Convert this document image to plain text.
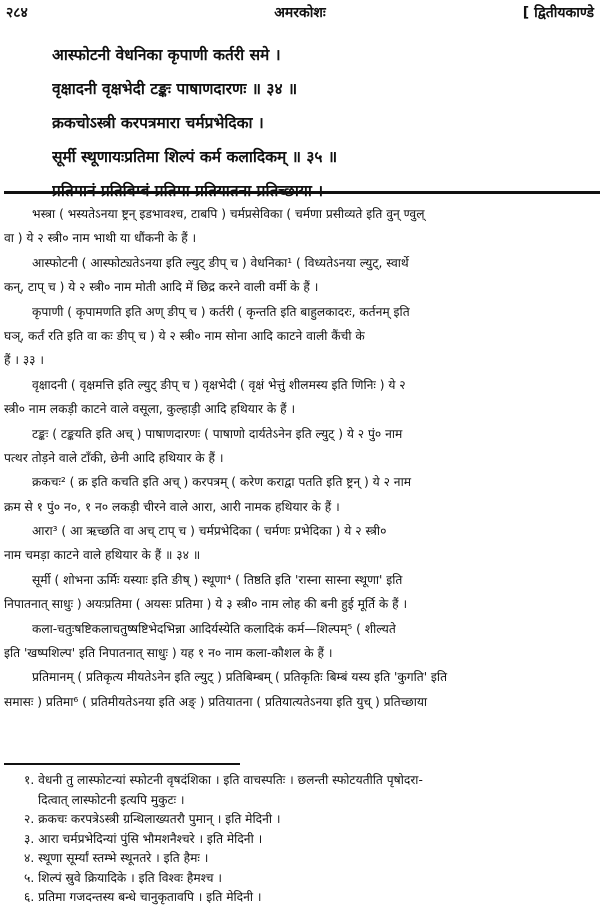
२८४	अमरकोशः	[ द्वितीयकाण्डे
आस्फोटनी वेधनिका कृपाणी कर्तरी समे ।
वृक्षादनी वृक्षभेदी टङ्कः पाषाणदारणः ॥ ३४ ॥
क्रकचोऽस्त्री करपत्रमारा चर्मप्रभेदिका ।
सूर्मी स्थूणायःप्रतिमा शिल्पं कर्म कलादिकम् ॥ ३५ ॥
प्रतिमानं प्रतिबिम्बं प्रतिमा प्रतियातना प्रतिच्छाया ।
भस्त्रा ( भस्यतेऽनया ष्ट्रन् इडभावश्च, टाबपि ) चर्मप्रसेविका ( चर्मणा प्रसीव्यते इति वुन् ण्वुल्
वा ) ये २ स्त्री० नाम भाथी या धौंकनी के हैं ।
आस्फोटनी ( आस्फोट्यतेऽनया इति ल्युट् ङीप् च ) वेधनिका¹ ( विध्यतेऽनया ल्युट्, स्वार्थे
कन्, टाप् च ) ये २ स्त्री० नाम मोती आदि में छिद्र करने वाली वर्मी के हैं ।
कृपाणी ( कृपामणति इति अण् ङीप् च ) कर्तरी ( कृन्तति इति बाहुलकादरः, कर्तनम् इति
घञ्, कर्तं रति इति वा कः ङीप् च ) ये २ स्त्री० नाम सोना आदि काटने वाली कैंची के
हैं । ३३ ।
वृक्षादनी ( वृक्षमत्ति इति ल्युट् ङीप् च ) वृक्षभेदी ( वृक्षं भेत्तुं शीलमस्य इति णिनिः ) ये २
स्त्री० नाम लकड़ी काटने वाले वसूला, कुल्हाड़ी आदि हथियार के हैं ।
टङ्कः ( टङ्कयति इति अच् ) पाषाणदारणः ( पाषाणो दार्यतेऽनेन इति ल्युट् ) ये २ पुं० नाम
पत्थर तोड़ने वाले टाँकी, छेनी आदि हथियार के हैं ।
क्रकचः² ( क्र इति कचति इति अच् ) करपत्रम् ( करेण कराद्वा पतति इति ष्ट्रन् ) ये २ नाम
क्रम से १ पुं० न०, १ न० लकड़ी चीरने वाले आरा, आरी नामक हथियार के हैं ।
आरा³ ( आ ऋच्छति वा अच् टाप् च ) चर्मप्रभेदिका ( चर्मणः प्रभेदिका ) ये २ स्त्री०
नाम चमड़ा काटने वाले हथियार के हैं ॥ ३४ ॥
सूर्मी ( शोभना ऊर्मिः यस्याः इति ङीष् ) स्थूणा⁴ ( तिष्ठति इति 'रास्ना सास्ना स्थूणा' इति
निपातनात् साधुः ) अयःप्रतिमा ( अयसः प्रतिमा ) ये ३ स्त्री० नाम लोह की बनी हुई मूर्ति के हैं ।
कला-चतुःषष्टिकलाचतुष्षष्टिभेदभिन्ना आदिर्यस्येति कलादिकं कर्म—शिल्पम्⁵ ( शील्यते
इति 'खष्पशिल्प' इति निपातनात् साधुः ) यह १ न० नाम कला-कौशल के हैं ।
प्रतिमानम् ( प्रतिकृत्य मीयतेऽनेन इति ल्युट् ) प्रतिबिम्बम् ( प्रतिकृतिः बिम्बं यस्य इति 'कुगति' इति
समासः ) प्रतिमा⁶ ( प्रतिमीयतेऽनया इति अङ् ) प्रतियातना ( प्रतियात्यतेऽनया इति युच् ) प्रतिच्छाया
१. वेधनी तु लास्फोटन्यां स्फोटनी वृषदंशिका । इति वाचस्पतिः । छलन्ती स्फोटयतीति पृषोदरा-
दित्वात् लास्फोटनी इत्यपि मुकुटः ।
२. क्रकचः करपत्रेऽस्त्री ग्रन्थिलाख्यतरौ पुमान् । इति मेदिनी ।
३. आरा चर्मप्रभेदिन्यां पुंसि भौमशनैश्चरे । इति मेदिनी ।
४. स्थूणा सूर्म्यां स्तम्भे स्थूनतरे । इति हैमः ।
५. शिल्पं स्रुवे क्रियादिके । इति विश्वः हैमश्च ।
६. प्रतिमा गजदन्तस्य बन्धे चानुकृतावपि । इति मेदिनी ।
